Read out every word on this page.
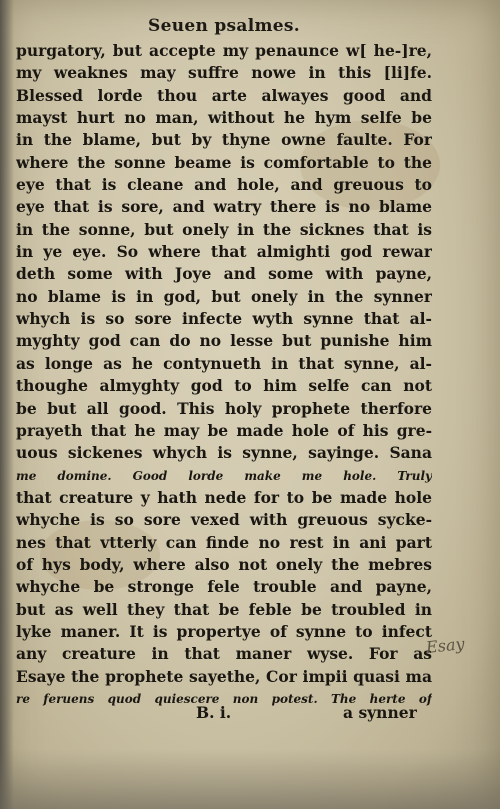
Seuen psalmes.
purgatory, but accepte my penaunce w[ he-]re,
my weaknes may suffre nowe in this [li]fe.
Blessed lorde thou arte alwayes good and
mayst hurt no man, without he hym selfe be
in the blame, but by thyne owne faulte. For
where the sonne beame is comfortable to the
eye that is cleane and hole, and greuous to
eye that is sore, and watry there is no blame
in the sonne, but onely in the sicknes that is
in ye eye. So where that almighti god rewar
deth some with Joye and some with payne,
no blame is in god, but onely in the synner
whych is so sore infecte wyth synne that al-
myghty god can do no lesse but punishe him
as longe as he contynueth in that synne, al-
thoughe almyghty god to him selfe can not
be but all good. This holy prophete therfore
prayeth that he may be made hole of his gre-
uous sickenes whych is synne, sayinge. Sana
me domine. Good lorde make me hole. Truly
that creature y hath nede for to be made hole
whyche is so sore vexed with greuous sycke-
nes that vtterly can finde no rest in ani part
of hys body, where also not onely the mebres
whyche be stronge fele trouble and payne,
but as well they that be feble be troubled in
lyke maner. It is propertye of synne to infect
any creature in that maner wyse. For as
Esaye the prophete sayethe, Cor impii quasi ma
re feruens quod quiescere non potest. The herte of
B. i.	a synner
Esay
